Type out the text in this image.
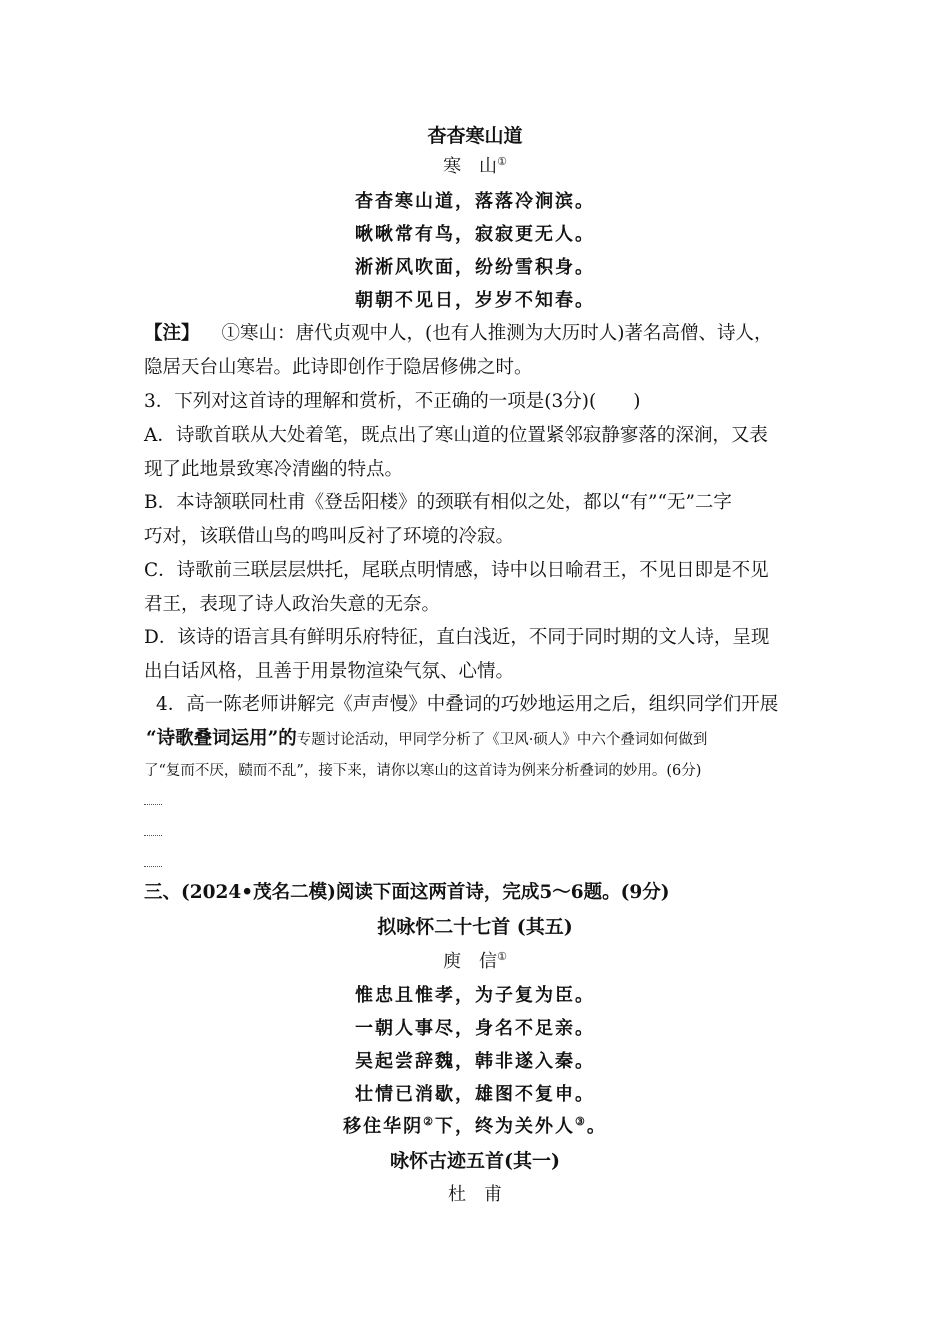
杳杳寒山道
寒　山①
杳杳寒山道，落落冷涧滨。
啾啾常有鸟，寂寂更无人。
淅淅风吹面，纷纷雪积身。
朝朝不见日，岁岁不知春。
【注】 ①寒山：唐代贞观中人，(也有人推测为大历时人)著名高僧、诗人，
隐居天台山寒岩。此诗即创作于隐居修佛之时。
3．下列对这首诗的理解和赏析，不正确的一项是(3分)(　　)
A．诗歌首联从大处着笔，既点出了寒山道的位置紧邻寂静寥落的深涧，又表
现了此地景致寒冷清幽的特点。
B．本诗颔联同杜甫《登岳阳楼》的颈联有相似之处，都以“有”“无”二字
巧对，该联借山鸟的鸣叫反衬了环境的冷寂。
C．诗歌前三联层层烘托，尾联点明情感，诗中以日喻君王，不见日即是不见
君王，表现了诗人政治失意的无奈。
D．该诗的语言具有鲜明乐府特征，直白浅近，不同于同时期的文人诗，呈现
出白话风格，且善于用景物渲染气氛、心情。
4．高一陈老师讲解完《声声慢》中叠词的巧妙地运用之后，组织同学们开展
“诗歌叠词运用”的专题讨论活动，甲同学分析了《卫风·硕人》中六个叠词如何做到
了“复而不厌，赜而不乱”，接下来，请你以寒山的这首诗为例来分析叠词的妙用。(6分)
三、(2024•茂名二模)阅读下面这两首诗，完成5～6题。(9分)
拟咏怀二十七首 (其五)
庾　信①
惟忠且惟孝，为子复为臣。
一朝人事尽，身名不足亲。
吴起尝辞魏，韩非遂入秦。
壮情已消歇，雄图不复申。
移住华阴②下，终为关外人③。
咏怀古迹五首(其一)
杜　甫
